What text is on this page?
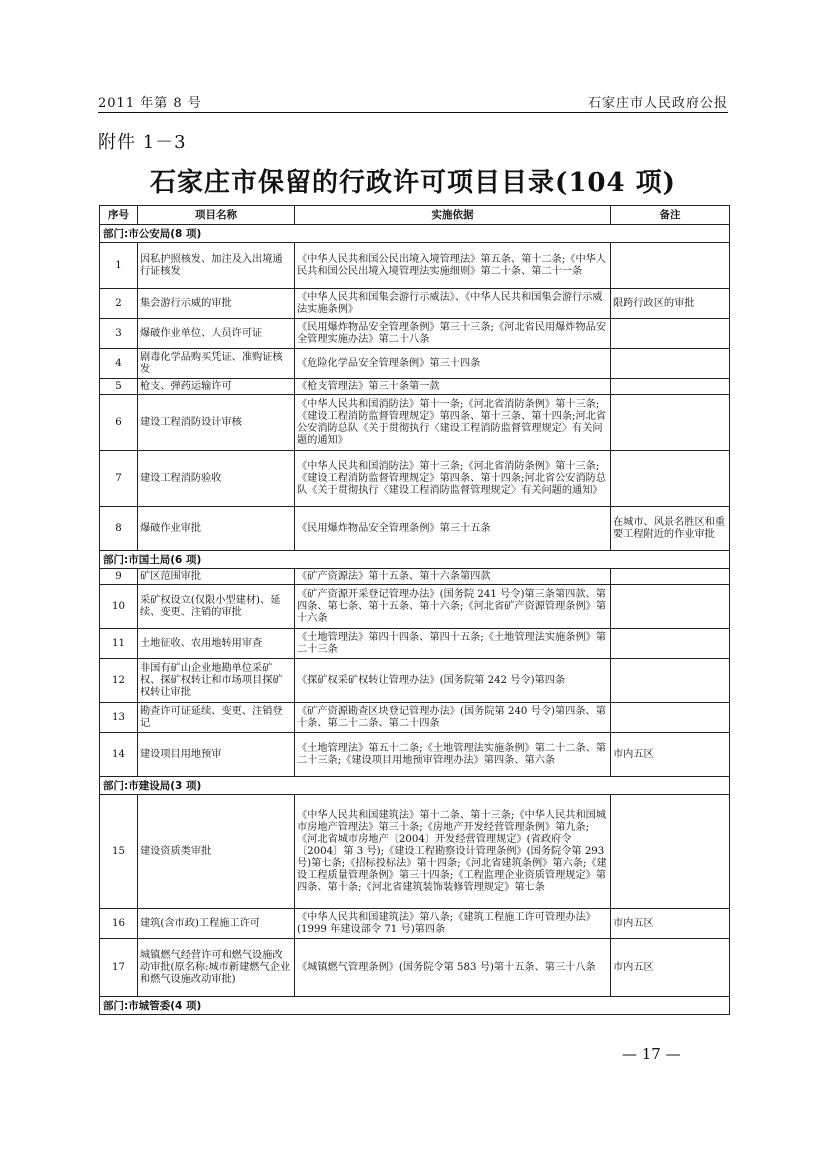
2011 年第 8 号	石家庄市人民政府公报
附件 1－3
石家庄市保留的行政许可项目目录(104 项)
序号	项目名称	实施依据	备注
部门:市公安局(8 项)			
1	因私护照核发、加注及入出境通行证核发	《中华人民共和国公民出境入境管理法》第五条、第十二条;《中华人民共和国公民出境入境管理法实施细则》第二十条、第二十一条	
2	集会游行示威的审批	《中华人民共和国集会游行示威法》、《中华人民共和国集会游行示威法实施条例》	限跨行政区的审批
3	爆破作业单位、人员许可证	《民用爆炸物品安全管理条例》第三十三条;《河北省民用爆炸物品安全管理实施办法》第二十八条	
4	剧毒化学品购买凭证、准购证核发	《危险化学品安全管理条例》第三十四条	
5	枪支、弹药运输许可	《枪支管理法》第三十条第一款	
6	建设工程消防设计审核	《中华人民共和国消防法》第十一条;《河北省消防条例》第十三条;《建设工程消防监督管理规定》第四条、第十三条、第十四条;河北省公安消防总队《关于贯彻执行〈建设工程消防监督管理规定〉有关问题的通知》	
7	建设工程消防验收	《中华人民共和国消防法》第十三条;《河北省消防条例》第十三条;《建设工程消防监督管理规定》第四条、第十四条;河北省公安消防总队《关于贯彻执行〈建设工程消防监督管理规定〉有关问题的通知》	
8	爆破作业审批	《民用爆炸物品安全管理条例》第三十五条	在城市、风景名胜区和重要工程附近的作业审批
部门:市国土局(6 项)			
9	矿区范围审批	《矿产资源法》第十五条、第十六条第四款	
10	采矿权设立(仅限小型建材)、延续、变更、注销的审批	《矿产资源开采登记管理办法》(国务院 241 号令)第三条第四款、第四条、第七条、第十五条、第十六条;《河北省矿产资源管理条例》第十六条	
11	土地征收、农用地转用审查	《土地管理法》第四十四条、第四十五条;《土地管理法实施条例》第二十三条	
12	非国有矿山企业地勘单位采矿权、探矿权转让和市场项目探矿权转让审批	《探矿权采矿权转让管理办法》(国务院第 242 号令)第四条	
13	勘查许可证延续、变更、注销登记	《矿产资源勘查区块登记管理办法》(国务院第 240 号令)第四条、第十条、第二十二条、第二十四条	
14	建设项目用地预审	《土地管理法》第五十二条;《土地管理法实施条例》第二十二条、第二十三条;《建设项目用地预审管理办法》第四条、第六条	市内五区
部门:市建设局(3 项)			
15	建设资质类审批	《中华人民共和国建筑法》第十二条、第十三条;《中华人民共和国城市房地产管理法》第三十条;《房地产开发经营管理条例》第九条;《河北省城市房地产〔2004〕开发经营管理规定》(省政府令〔2004〕第 3 号);《建设工程勘察设计管理条例》(国务院令第 293 号)第七条;《招标投标法》第十四条;《河北省建筑条例》第六条;《建设工程质量管理条例》第三十四条;《工程监理企业资质管理规定》第四条、第十条;《河北省建筑装饰装修管理规定》第七条	
16	建筑(含市政)工程施工许可	《中华人民共和国建筑法》第八条;《建筑工程施工许可管理办法》(1999 年建设部令 71 号)第四条	市内五区
17	城镇燃气经营许可和燃气设施改动审批(原名称:城市新建燃气企业和燃气设施改动审批)	《城镇燃气管理条例》(国务院令第 583 号)第十五条、第三十八条	市内五区
部门:市城管委(4 项)			
— 17 —
